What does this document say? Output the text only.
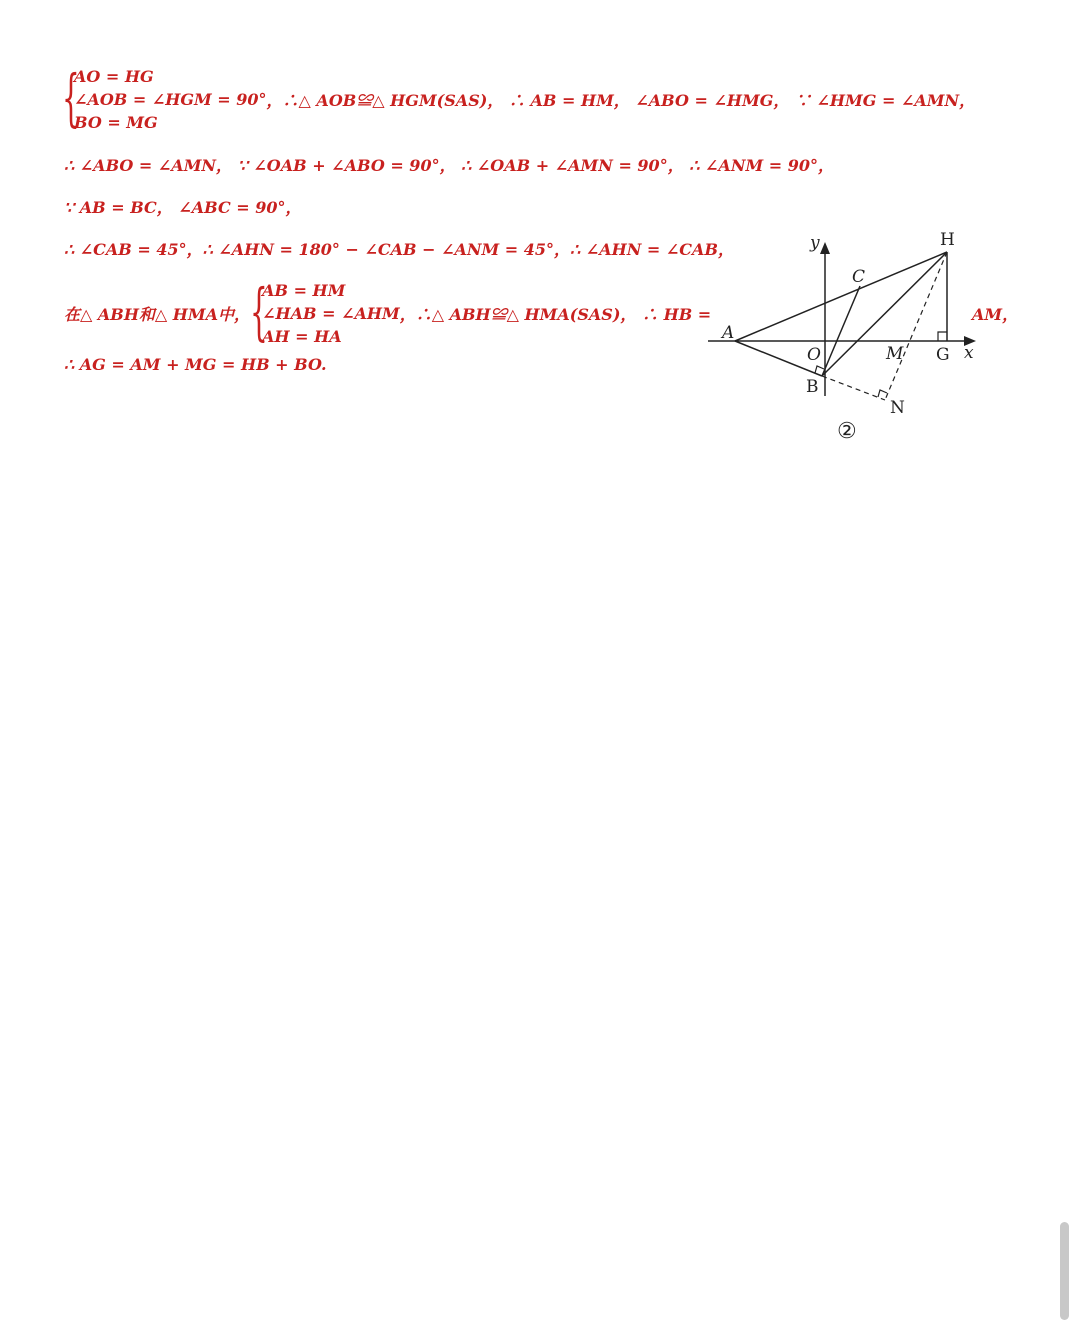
{
AO = HG
∠AOB = ∠HGM = 90°
BO = MG
，∴△ AOB≌△ HGM(SAS)， ∴ AB = HM， ∠ABO = ∠HMG， ∵ ∠HMG = ∠AMN，
∴ ∠ABO = ∠AMN， ∵ ∠OAB + ∠ABO = 90°， ∴ ∠OAB + ∠AMN = 90°， ∴ ∠ANM = 90°，
∵ AB = BC， ∠ABC = 90°，
∴ ∠CAB = 45°，∴ ∠AHN = 180° − ∠CAB − ∠ANM = 45°，∴ ∠AHN = ∠CAB，
在△ ABH和△ HMA中， {
AB = HM
∠HAB = ∠AHM
AH = HA
，∴△ ABH≌△ HMA(SAS)， ∴ HB =	AM，
∴ AG = AM + MG = HB + BO.
y	H
C
A
O	M G x
B
N
②
